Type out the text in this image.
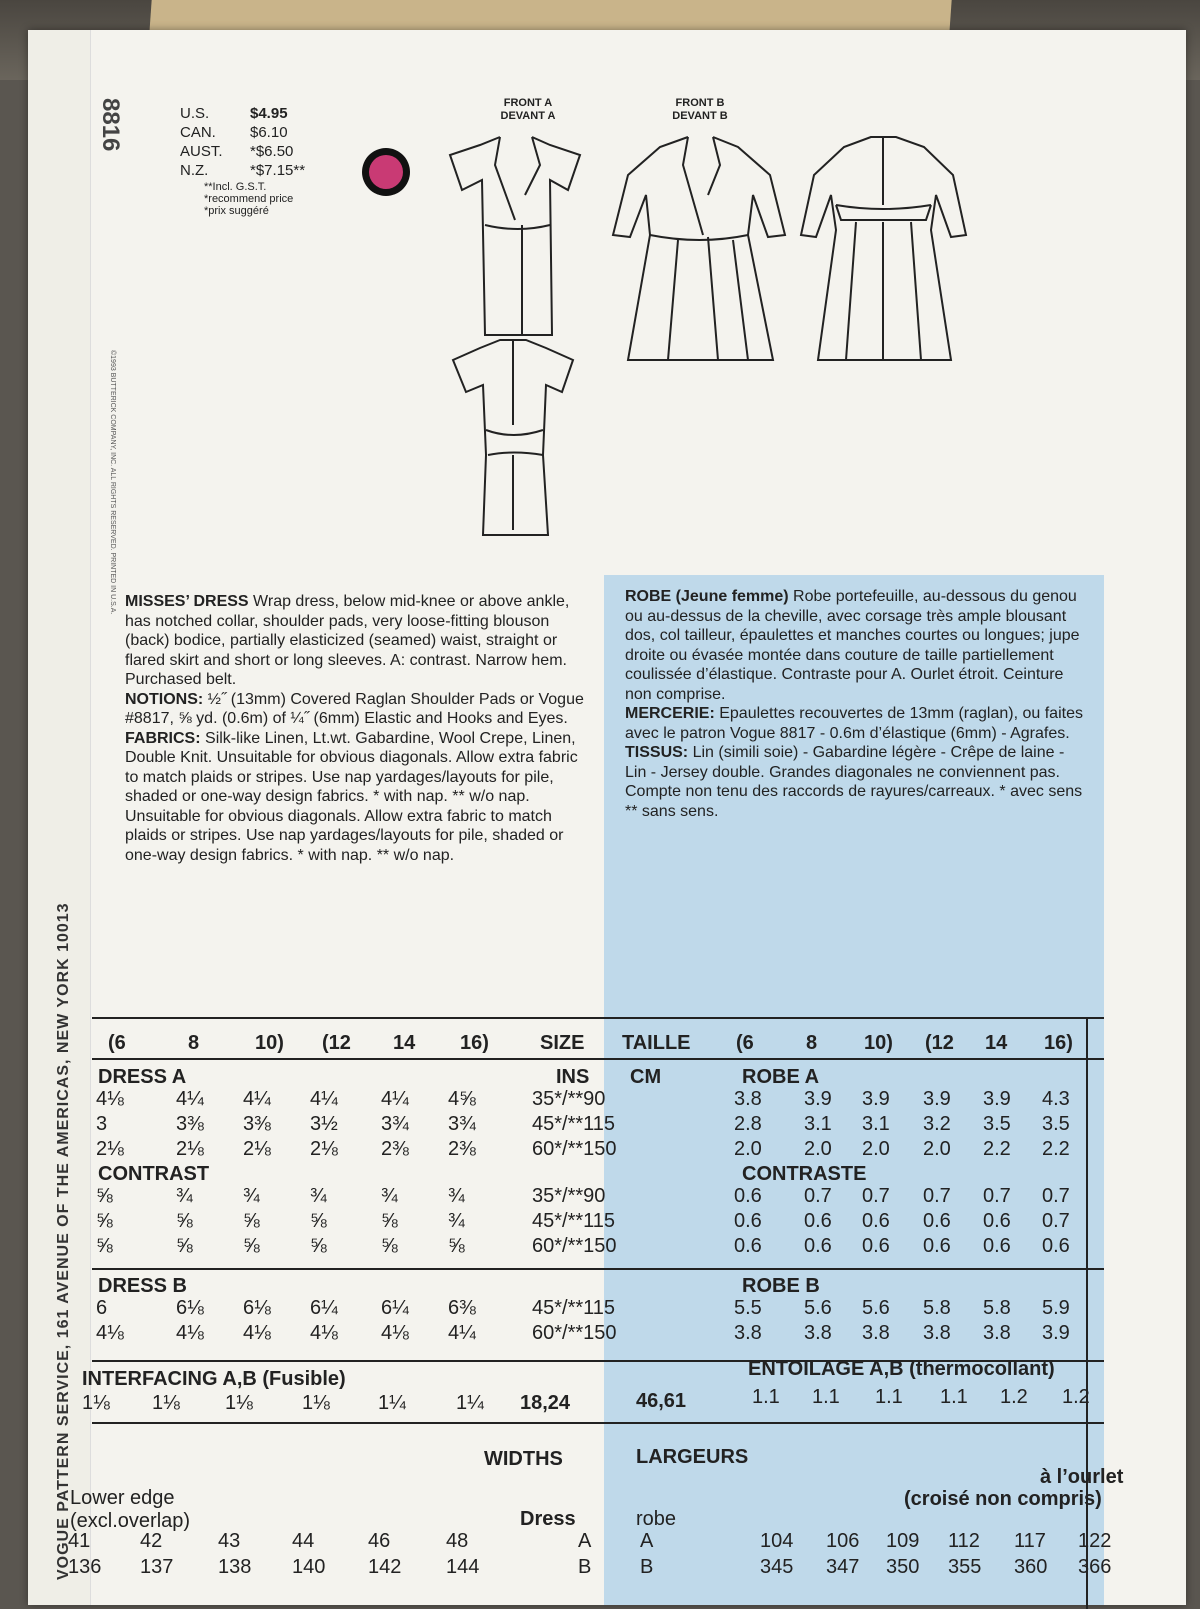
VOGUE PATTERN SERVICE, 161 AVENUE OF THE AMERICAS, NEW YORK 10013
8816
©1993 BUTTERICK COMPANY, INC. ALL RIGHTS RESERVED. PRINTED IN U.S.A.
U.S.	$4.95
CAN.	$6.10
AUST.	*$6.50
N.Z.	*$7.15**
**Incl. G.S.T.
*recommend price
*prix suggéré
FRONT A
DEVANT A
FRONT B
DEVANT B
MISSES’ DRESS Wrap dress, below mid-knee or above ankle, has notched collar, shoulder pads, very loose-fitting blouson (back) bodice, partially elasticized (seamed) waist, straight or flared skirt and short or long sleeves. A: contrast. Narrow hem. Purchased belt.
NOTIONS: ½˝ (13mm) Covered Raglan Shoulder Pads or Vogue #8817, ⅝ yd. (0.6m) of ¼˝ (6mm) Elastic and Hooks and Eyes.
FABRICS: Silk-like Linen, Lt.wt. Gabardine, Wool Crepe, Linen, Double Knit. Unsuitable for obvious diagonals. Allow extra fabric to match plaids or stripes. Use nap yardages/layouts for pile, shaded or one-way design fabrics. * with nap. ** w/o nap.
Unsuitable for obvious diagonals. Allow extra fabric to match plaids or stripes. Use nap yardages/layouts for pile, shaded or one-way design fabrics. * with nap. ** w/o nap.
ROBE (Jeune femme) Robe portefeuille, au-dessous du genou ou au-dessus de la cheville, avec corsage très ample blousant dos, col tailleur, épaulettes et manches courtes ou longues; jupe droite ou évasée montée dans couture de taille partiellement coulissée d’élastique. Contraste pour A. Ourlet étroit. Ceinture non comprise.
MERCERIE: Epaulettes recouvertes de 13mm (raglan), ou faites avec le patron Vogue 8817 - 0.6m d’élastique (6mm) - Agrafes.
TISSUS: Lin (simili soie) - Gabardine légère - Crêpe de laine - Lin - Jersey double. Grandes diagonales ne conviennent pas. Compte non tenu des raccords de rayures/carreaux. * avec sens ** sans sens.
(6	8	10) (12 14 16)	SIZE TAILLE (6	8 10) (12 14 16)
DRESS A	ROBE A
INS CM
4⅛	4¼ 4¼ 4¼ 4¼ 4⅝	35*/**90	3.8 3.9 3.9 3.9 3.9 4.3
3	3⅜ 3⅜ 3½ 3¾ 3¾	45*/**115	2.8 3.1 3.1 3.2 3.5 3.5
2⅛	2⅛ 2⅛ 2⅛ 2⅜ 2⅜	60*/**150	2.0 2.0 2.0 2.0 2.2 2.2
CONTRAST	CONTRASTE
⅝	¾	¾	¾	¾	¾	35*/**90	0.6 0.7 0.7 0.7 0.7 0.7
⅝	⅝	⅝	⅝	⅝	¾	45*/**115	0.6 0.6 0.6 0.6 0.6 0.7
⅝	⅝	⅝	⅝	⅝	⅝	60*/**150	0.6 0.6 0.6 0.6 0.6 0.6
DRESS B	ROBE B
6	6⅛ 6⅛ 6¼ 6¼ 6⅜	45*/**115	5.5 5.6 5.6 5.8 5.8 5.9
4⅛	4⅛ 4⅛ 4⅛ 4⅛ 4¼	60*/**150	3.8 3.8 3.8 3.8 3.8 3.9
INTERFACING A,B (Fusible)	ENTOILAGE A,B (thermocollant)
1⅛ 1⅛ 1⅛ 1⅛ 1¼	1¼ 18,24	46,61	1.1 1.1 1.1 1.1 1.2 1.2
WIDTHS	LARGEURS
à l’ourlet
Lower edge
(excl.overlap)	Dress	robe
(croisé non compris)
41 42	43	44	46	48	A A	104 106 109 112 117 122
136 137 138 140 142 144	B B	345 347 350 355 360 366
